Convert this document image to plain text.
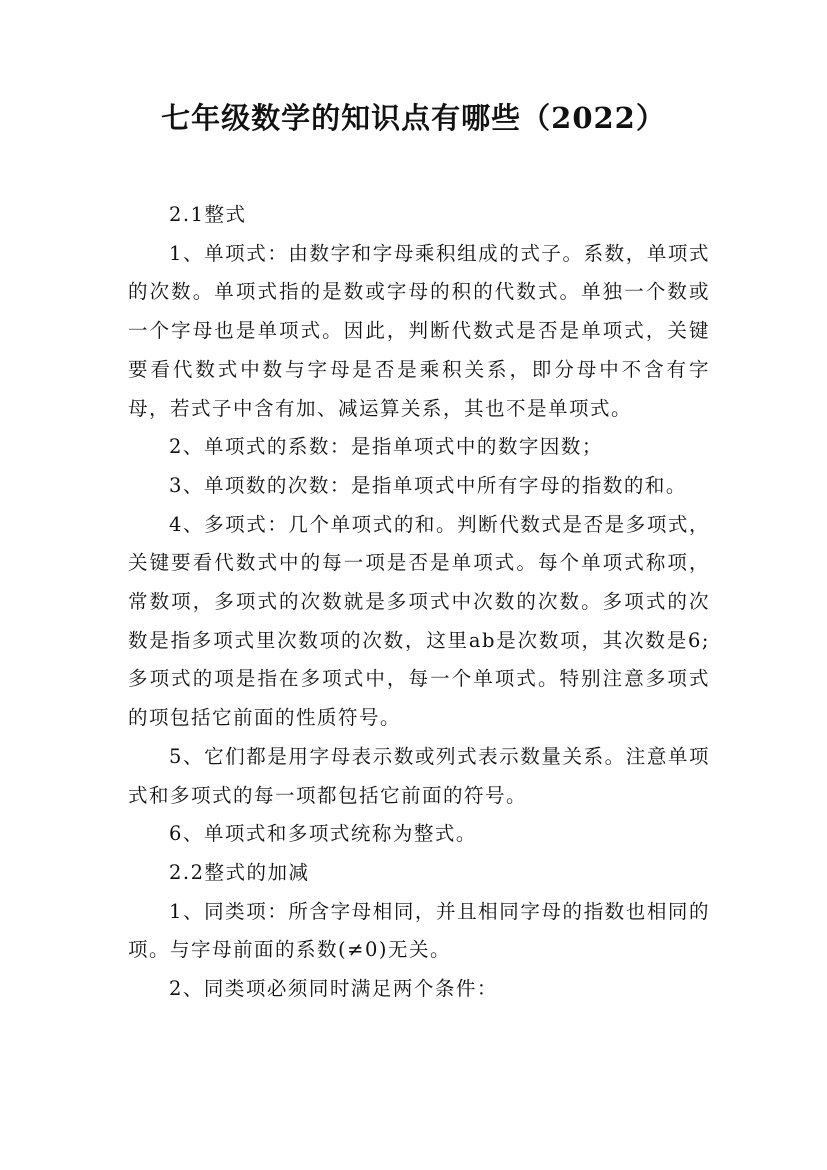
七年级数学的知识点有哪些（2022）

2.1整式

1、单项式：由数字和字母乘积组成的式子。系数，单项式的次数。单项式指的是数或字母的积的代数式。单独一个数或一个字母也是单项式。因此，判断代数式是否是单项式，关键要看代数式中数与字母是否是乘积关系，即分母中不含有字母，若式子中含有加、减运算关系，其也不是单项式。

2、单项式的系数：是指单项式中的数字因数；

3、单项数的次数：是指单项式中所有字母的指数的和。

4、多项式：几个单项式的和。判断代数式是否是多项式，关键要看代数式中的每一项是否是单项式。每个单项式称项，常数项，多项式的次数就是多项式中次数的次数。多项式的次数是指多项式里次数项的次数，这里ab是次数项，其次数是6;多项式的项是指在多项式中，每一个单项式。特别注意多项式的项包括它前面的性质符号。

5、它们都是用字母表示数或列式表示数量关系。注意单项式和多项式的每一项都包括它前面的符号。

6、单项式和多项式统称为整式。

2.2整式的加减

1、同类项：所含字母相同，并且相同字母的指数也相同的项。与字母前面的系数(≠0)无关。

2、同类项必须同时满足两个条件：
